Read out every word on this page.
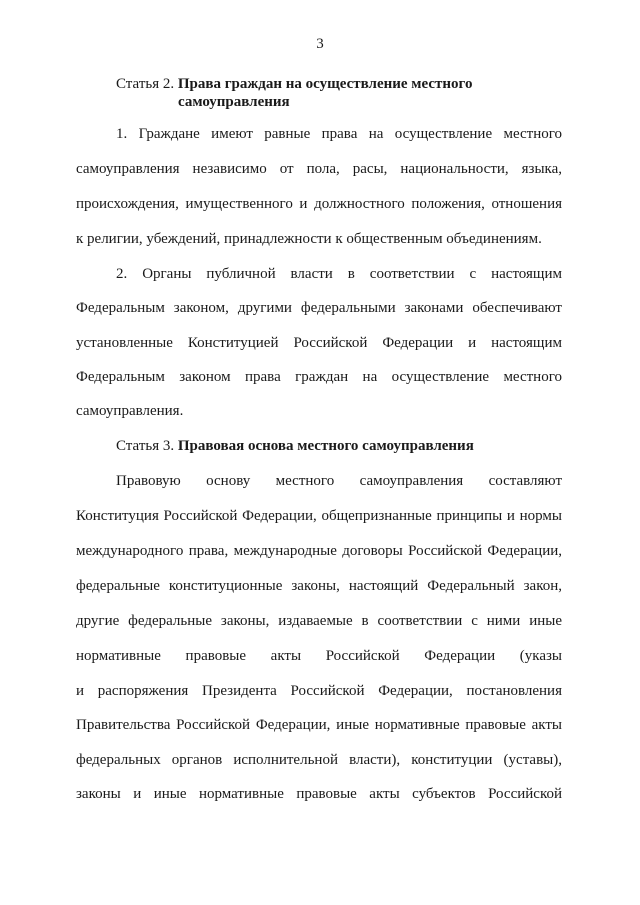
3
Статья 2. Права граждан на осуществление местного
самоуправления
1. Граждане имеют равные права на осуществление местного
самоуправления независимо от пола, расы, национальности, языка,
происхождения, имущественного и должностного положения, отношения
к религии, убеждений, принадлежности к общественным объединениям.
2. Органы публичной власти в соответствии с настоящим
Федеральным законом, другими федеральными законами обеспечивают
установленные Конституцией Российской Федерации и настоящим
Федеральным законом права граждан на осуществление местного
самоуправления.
Статья 3. Правовая основа местного самоуправления
Правовую основу местного самоуправления составляют
Конституция Российской Федерации, общепризнанные принципы и нормы
международного права, международные договоры Российской Федерации,
федеральные конституционные законы, настоящий Федеральный закон,
другие федеральные законы, издаваемые в соответствии с ними иные
нормативные правовые акты Российской Федерации (указы
и распоряжения Президента Российской Федерации, постановления
Правительства Российской Федерации, иные нормативные правовые акты
федеральных органов исполнительной власти), конституции (уставы),
законы и иные нормативные правовые акты субъектов Российской
